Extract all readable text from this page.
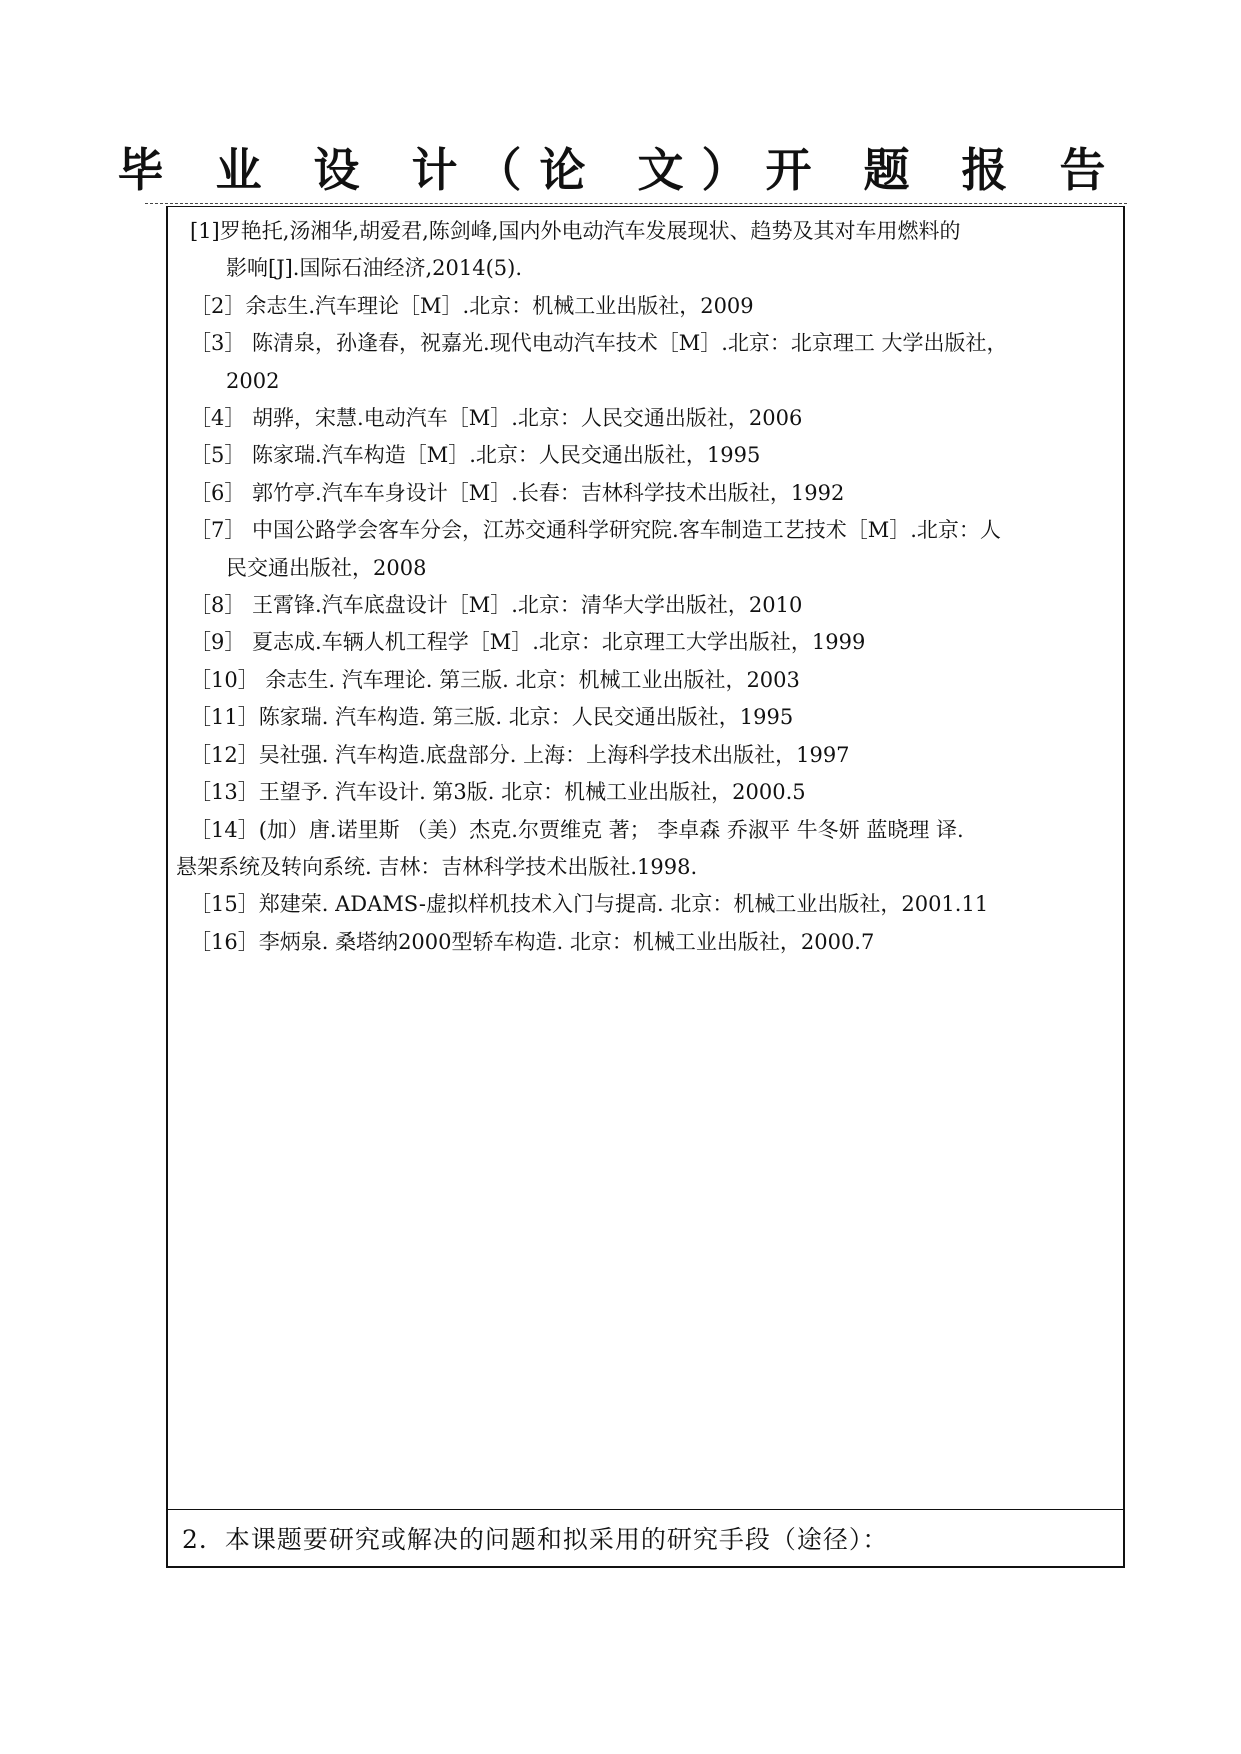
毕 业 设 计（论 文）开 题 报 告

[1]罗艳托,汤湘华,胡爱君,陈剑峰,国内外电动汽车发展现状、趋势及其对车用燃料的

影响[J].国际石油经济,2014(5).

［2］余志生.汽车理论［M］.北京：机械工业出版社，2009

［3］ 陈清泉，孙逢春，祝嘉光.现代电动汽车技术［M］.北京：北京理工 大学出版社，

2002

［4］ 胡骅，宋慧.电动汽车［M］.北京：人民交通出版社，2006

［5］ 陈家瑞.汽车构造［M］.北京：人民交通出版社，1995

［6］ 郭竹亭.汽车车身设计［M］.长春：吉林科学技术出版社，1992

［7］ 中国公路学会客车分会，江苏交通科学研究院.客车制造工艺技术［M］.北京：人

民交通出版社，2008

［8］ 王霄锋.汽车底盘设计［M］.北京：清华大学出版社，2010

［9］ 夏志成.车辆人机工程学［M］.北京：北京理工大学出版社，1999

［10］ 余志生. 汽车理论. 第三版. 北京：机械工业出版社，2003

［11］陈家瑞. 汽车构造. 第三版. 北京：人民交通出版社，1995

［12］吴社强. 汽车构造.底盘部分. 上海：上海科学技术出版社，1997

［13］王望予. 汽车设计. 第3版. 北京：机械工业出版社，2000.5

［14］(加）唐.诺里斯 （美）杰克.尔贾维克 著； 李卓森 乔淑平 牛冬妍 蓝晓理 译.

悬架系统及转向系统. 吉林：吉林科学技术出版社.1998.

［15］郑建荣. ADAMS-虚拟样机技术入门与提高. 北京：机械工业出版社，2001.11

［16］李炳泉. 桑塔纳2000型轿车构造. 北京：机械工业出版社，2000.7

2．本课题要研究或解决的问题和拟采用的研究手段（途径）：
